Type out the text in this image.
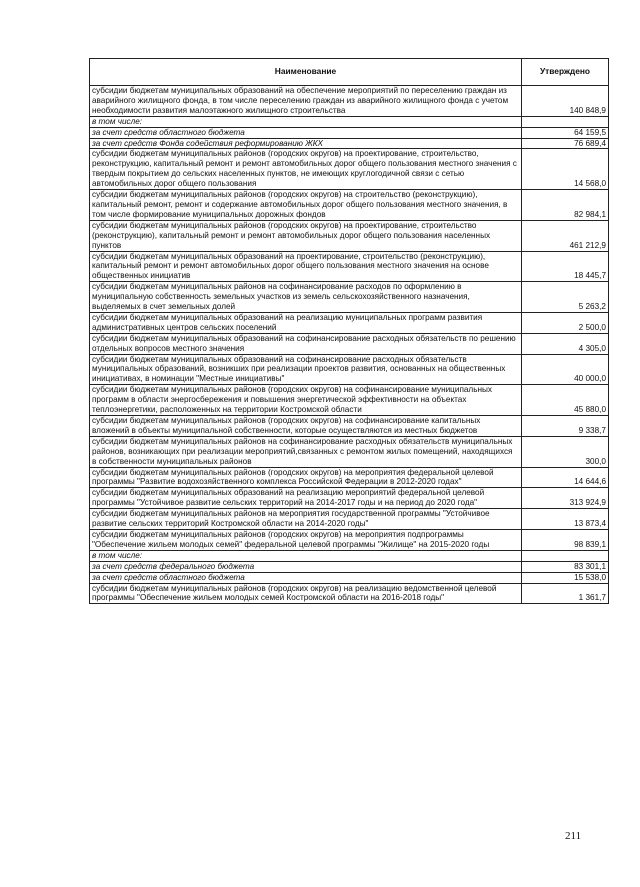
Наименование	Утверждено
субсидии бюджетам муниципальных образований на обеспечение мероприятий по переселению граждан из аварийного жилищного фонда, в том числе переселению граждан из аварийного жилищного фонда с учетом необходимости развития малоэтажного жилищного строительства	140 848,9
в том числе:	
за счет средств областного бюджета	64 159,5
за счет средств Фонда содействия реформированию ЖКХ	76 689,4
субсидии бюджетам муниципальных районов (городских округов) на проектирование, строительство, реконструкцию, капитальный ремонт и ремонт автомобильных дорог общего пользования местного значения с твердым покрытием до сельских населенных пунктов, не имеющих круглогодичной связи с сетью автомобильных дорог общего пользования	14 568,0
субсидии бюджетам муниципальных районов (городских округов) на строительство (реконструкцию), капитальный ремонт, ремонт и содержание автомобильных дорог общего пользования местного значения, в том числе формирование муниципальных дорожных фондов	82 984,1
субсидии бюджетам муниципальных районов (городских округов) на проектирование, строительство (реконструкцию), капитальный ремонт и ремонт автомобильных дорог общего пользования населенных пунктов	461 212,9
субсидии бюджетам муниципальных образований на проектирование, строительство (реконструкцию), капитальный ремонт и ремонт автомобильных дорог общего пользования местного значения на основе общественных инициатив	18 445,7
субсидии бюджетам муниципальных районов на софинансирование расходов по оформлению в муниципальную собственность земельных участков из земель сельскохозяйственного назначения, выделяемых в счет земельных долей	5 263,2
субсидии бюджетам муниципальных образований на реализацию муниципальных программ развития административных центров сельских поселений	2 500,0
субсидии бюджетам муниципальных образований на софинансирование расходных обязательств по решению отдельных вопросов местного значения	4 305,0
субсидии бюджетам муниципальных образований на софинансирование расходных обязательств муниципальных образований, возникших при реализации проектов развития, основанных на общественных инициативах, в номинации "Местные инициативы"	40 000,0
субсидии бюджетам муниципальных районов (городских округов) на софинансирование муниципальных программ в области энергосбережения и повышения энергетической эффективности на объектах теплоэнергетики, расположенных на территории Костромской области	45 880,0
субсидии бюджетам муниципальных районов (городских округов) на софинансирование капитальных вложений в объекты муниципальной собственности, которые осуществляются из местных бюджетов	9 338,7
субсидии бюджетам муниципальных районов на софинансирование расходных обязательств муниципальных районов, возникающих при реализации мероприятий,связанных с ремонтом жилых помещений, находящихся в собственности муниципальных районов	300,0
субсидии бюджетам муниципальных районов (городских округов) на мероприятия федеральной целевой программы "Развитие водохозяйственного комплекса Российской Федерации в 2012-2020 годах"	14 644,6
субсидии бюджетам муниципальных образований на реализацию мероприятий федеральной целевой программы "Устойчивое развитие сельских территорий на 2014-2017 годы и на период до 2020 года"	313 924,9
субсидии бюджетам муниципальных районов на мероприятия государственной программы "Устойчивое развитие сельских территорий Костромской области на 2014-2020 годы"	13 873,4
субсидии бюджетам муниципальных районов (городских округов) на мероприятия подпрограммы "Обеспечение жильем молодых семей" федеральной целевой программы "Жилище" на 2015-2020 годы	98 839,1
в том числе:	
за счет средств федерального бюджета	83 301,1
за счет средств областного бюджета	15 538,0
субсидии бюджетам муниципальных районов (городских округов) на реализацию ведомственной целевой программы "Обеспечение жильем молодых семей Костромской области на 2016-2018 годы"	1 361,7
211
